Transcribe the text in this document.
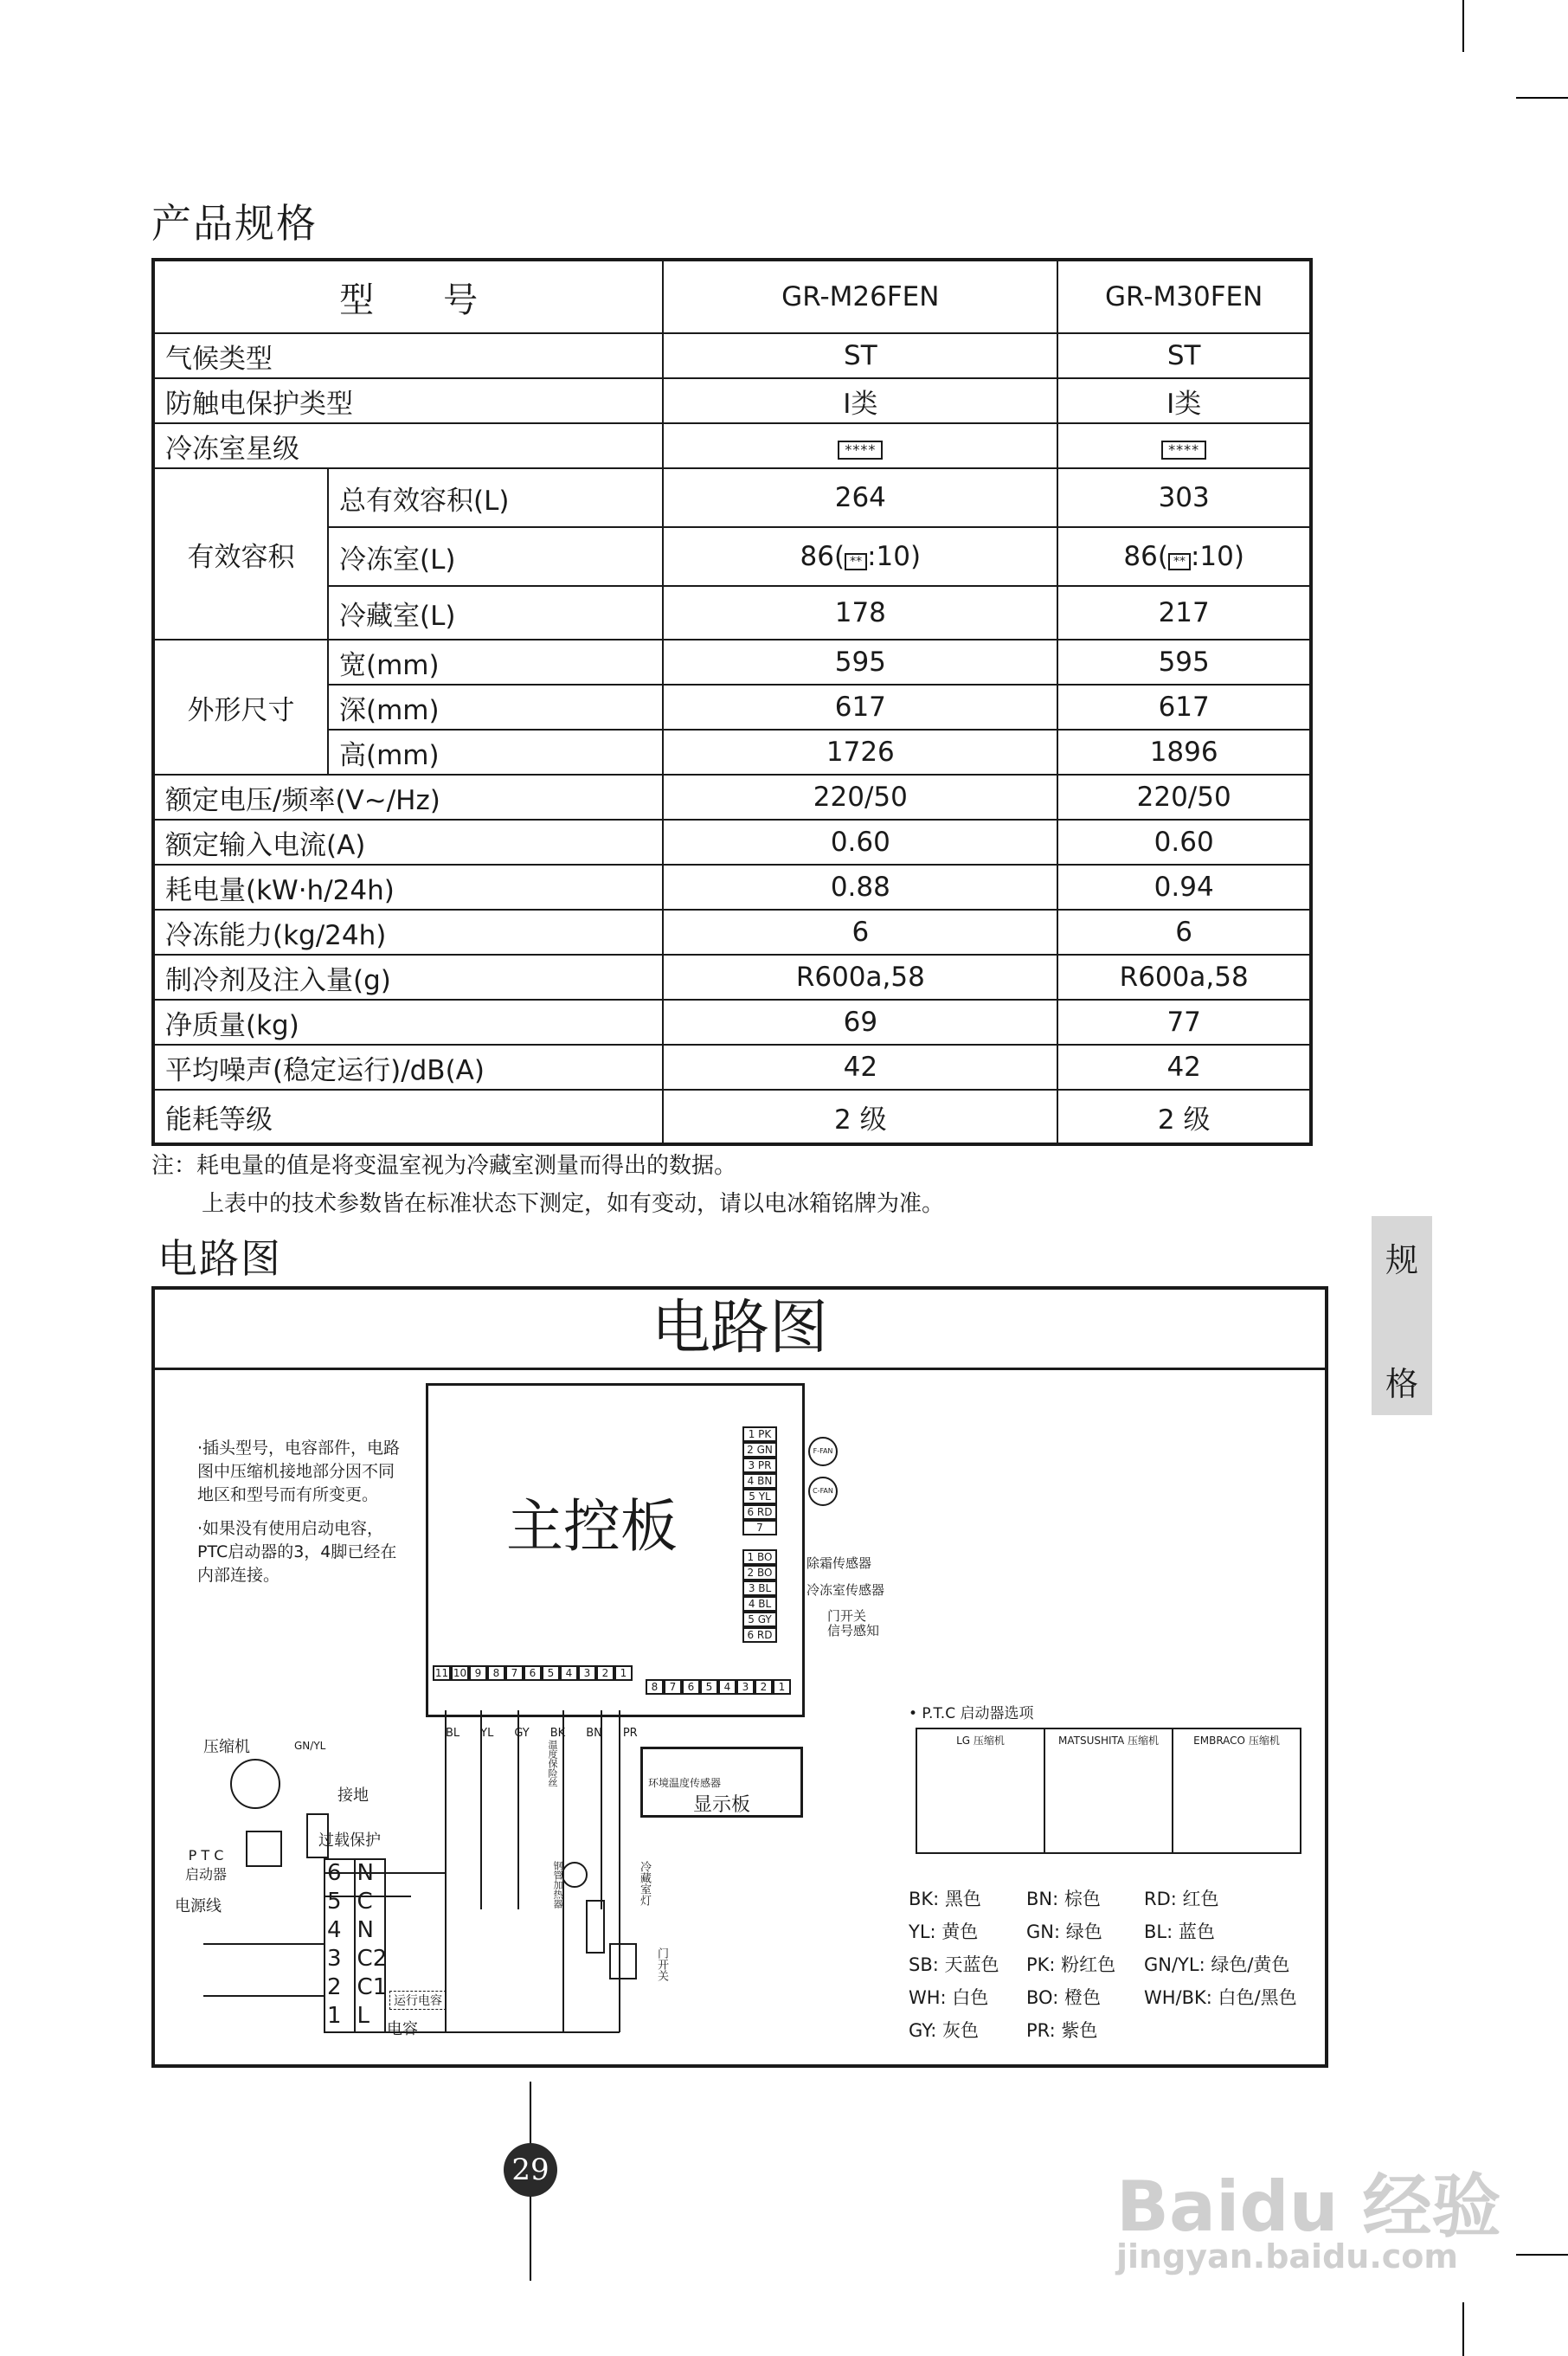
产品规格
型　　号		GR-M26FEN	GR-M30FEN
气候类型		ST	ST
防触电保护类型		I类	I类
冷冻室星级		****	****
有效容积	总有效容积(L)	264	303
	冷冻室(L)	86( ** :10)	86( ** :10)
	冷藏室(L)	178	217
外形尺寸	宽(mm)	595	595
	深(mm)	617	617
	高(mm)	1726	1896
额定电压/频率(V~/Hz)		220/50	220/50
额定输入电流(A)		0.60	0.60
耗电量(kW·h/24h)		0.88	0.94
冷冻能力(kg/24h)		6	6
制冷剂及注入量(g)		R600a,58	R600a,58
净质量(kg)		69	77
平均噪声(稳定运行)/dB(A)		42	42
能耗等级		2 级	2 级
注：耗电量的值是将变温室视为冷藏室测量而得出的数据。
上表中的技术参数皆在标准状态下测定，如有变动，请以电冰箱铭牌为准。
规
格
电路图
电路图
主控板
·插头型号，电容部件，电路图中压缩机接地部分因不同地区和型号而有所变更。
·如果没有使用启动电容，PTC启动器的3，4脚已经在内部连接。
1 PK
2 GN
3 PR
4 BN
5 YL
6 RD
7
F-FAN
C-FAN
1 BO
2 BO
3 BL
4 BL
5 GY
6 RD
除霜传感器
冷冻室传感器
门开关
信号感知
11 10 9	8	7	6	5	4	3	2	1
8	7	6	5	4	3	2	1
BL YL GY BK BN PR
环境温度传感器
显示板
压缩机
接地
GN/YL
过载保护
P T C
启动器
电源线
6 N
5 C
4 N
3 C2
2 C1
1 L
运行电容
电容
温度保险丝
钢管加热器	冷藏室灯
门开关
• P.T.C 启动器选项
LG 压缩机	MATSUSHITA 压缩机	EMBRACO 压缩机
BK: 黑色	BN: 棕色	RD: 红色
YL: 黄色	GN: 绿色	BL: 蓝色
SB: 天蓝色	PK: 粉红色	GN/YL: 绿色/黄色
WH: 白色	BO: 橙色	WH/BK: 白色/黑色
GY: 灰色	PR: 紫色
29	Baidu 经验
jingyan.baidu.com
